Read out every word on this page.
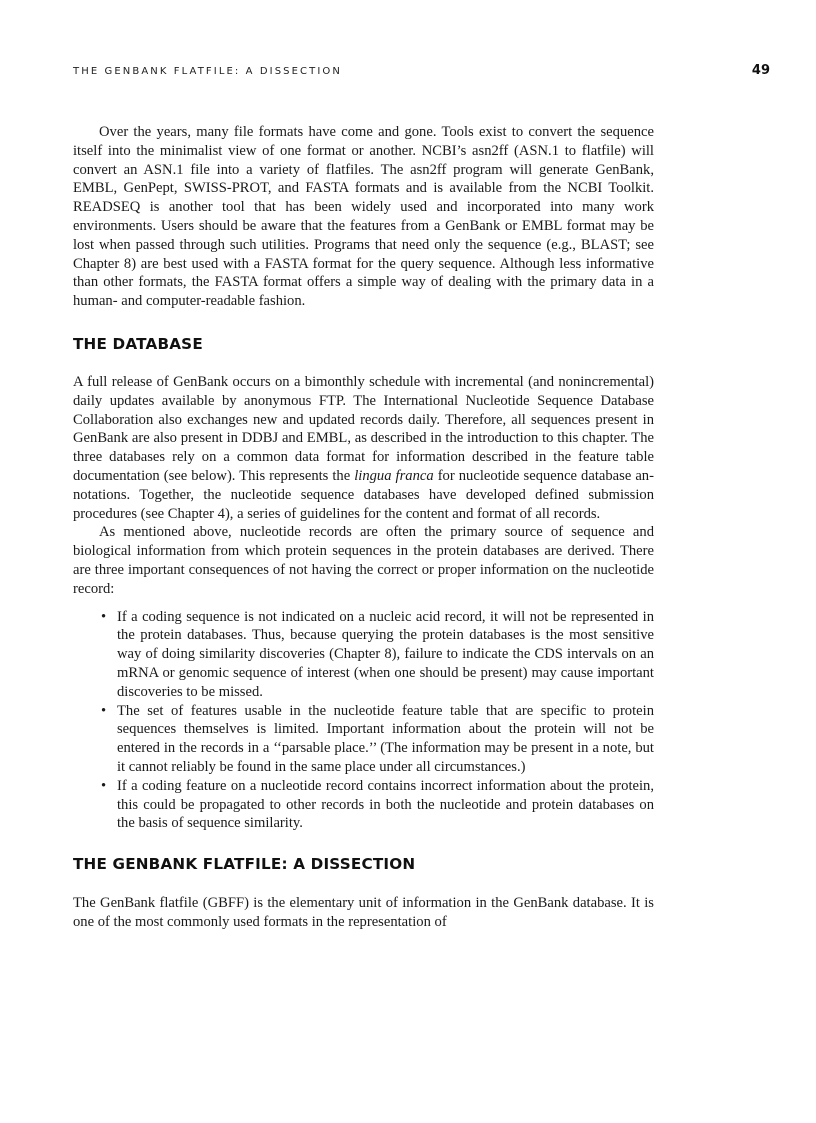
THE GENBANK FLATFILE: A DISSECTION	49

Over the years, many file formats have come and gone. Tools exist to convert the sequence itself into the minimalist view of one format or another. NCBI’s asn2ff (ASN.1 to flatfile) will convert an ASN.1 file into a variety of flatfiles. The asn2ff program will generate GenBank, EMBL, GenPept, SWISS-PROT, and FASTA formats and is available from the NCBI Toolkit. READSEQ is another tool that has been widely used and incorporated into many work environments. Users should be aware that the features from a GenBank or EMBL format may be lost when passed through such utilities. Programs that need only the sequence (e.g., BLAST; see Chapter 8) are best used with a FASTA format for the query sequence. Although less informative than other formats, the FASTA format offers a simple way of dealing with the primary data in a human- and computer-readable fashion.

THE DATABASE

A full release of GenBank occurs on a bimonthly schedule with incremental (and nonincremental) daily updates available by anonymous FTP. The International Nucleotide Sequence Database Collaboration also exchanges new and updated records daily. Therefore, all sequences present in GenBank are also present in DDBJ and EMBL, as described in the introduction to this chapter. The three databases rely on a common data format for information described in the feature table documentation (see below). This represents the lingua franca for nucleotide sequence database annotations. Together, the nucleotide sequence databases have developed defined submission procedures (see Chapter 4), a series of guidelines for the content and format of all records.

As mentioned above, nucleotide records are often the primary source of sequence and biological information from which protein sequences in the protein databases are derived. There are three important consequences of not having the correct or proper information on the nucleotide record:

• If a coding sequence is not indicated on a nucleic acid record, it will not be represented in the protein databases. Thus, because querying the protein databases is the most sensitive way of doing similarity discoveries (Chapter 8), failure to indicate the CDS intervals on an mRNA or genomic sequence of interest (when one should be present) may cause important discoveries to be missed.
• The set of features usable in the nucleotide feature table that are specific to protein sequences themselves is limited. Important information about the protein will not be entered in the records in a ‘‘parsable place.’’ (The information may be present in a note, but it cannot reliably be found in the same place under all circumstances.)
• If a coding feature on a nucleotide record contains incorrect information about the protein, this could be propagated to other records in both the nucleotide and protein databases on the basis of sequence similarity.
THE GENBANK FLATFILE: A DISSECTION

The GenBank flatfile (GBFF) is the elementary unit of information in the GenBank database. It is one of the most commonly used formats in the representation of
